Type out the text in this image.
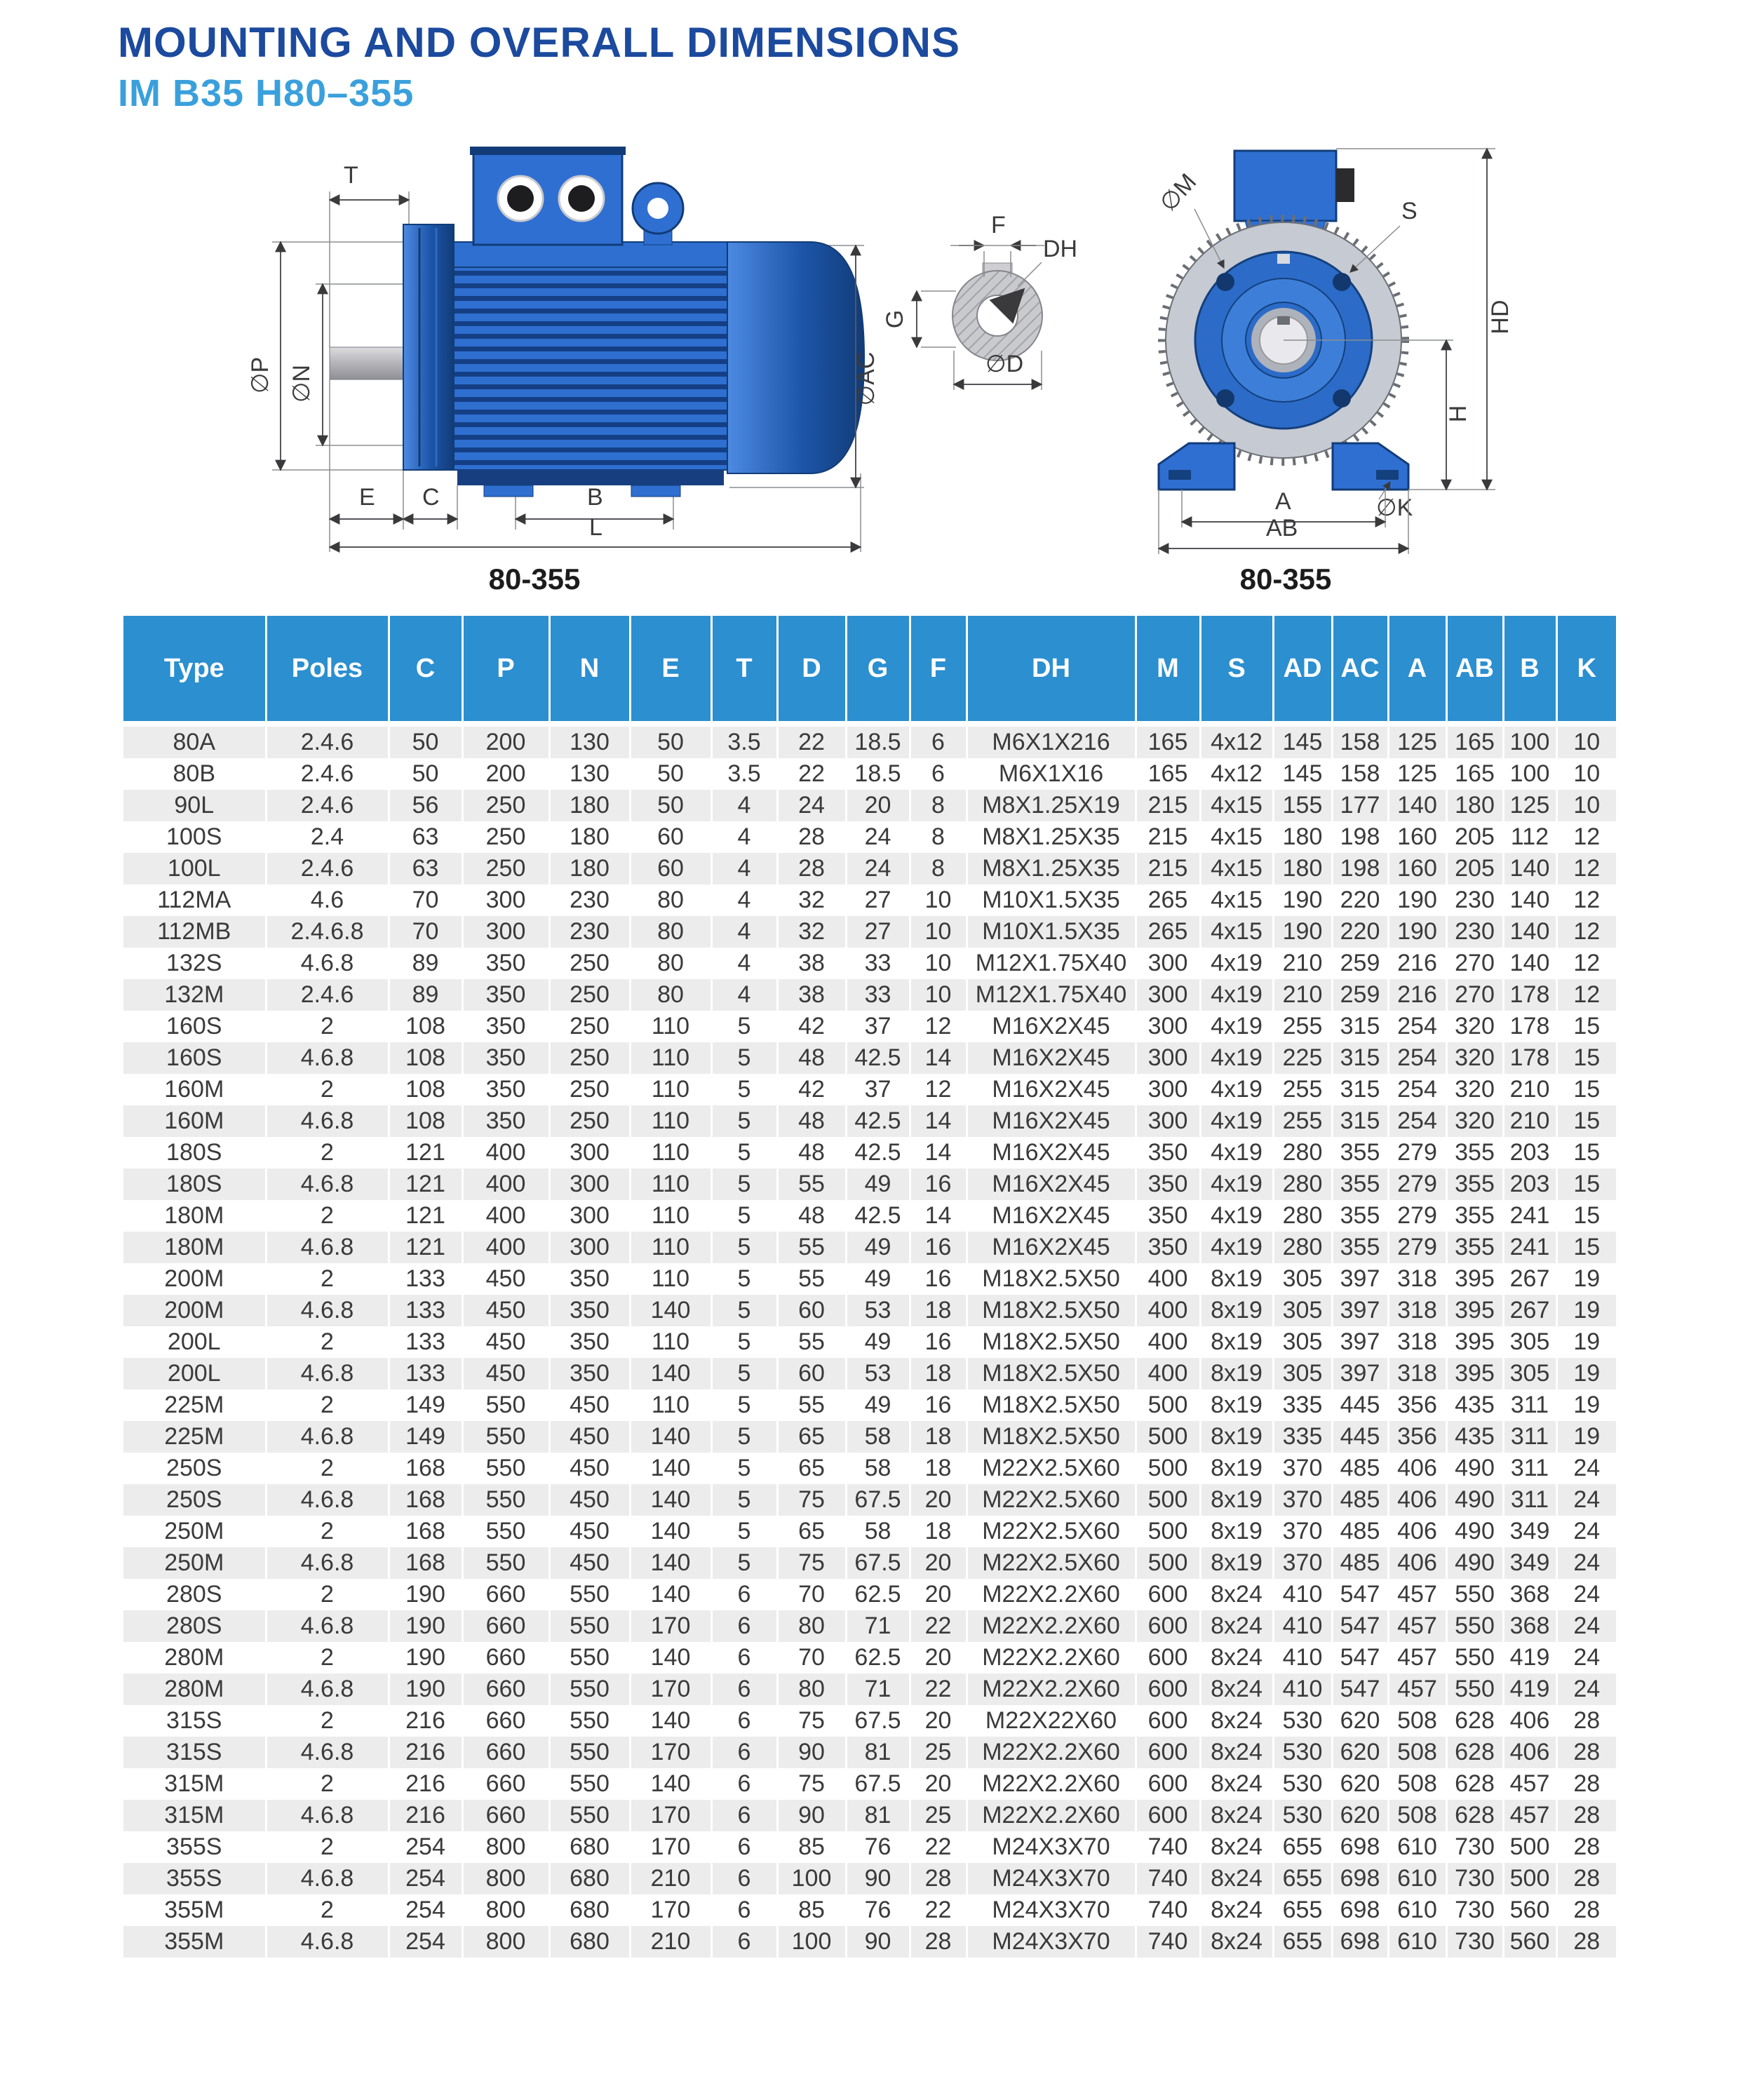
MOUNTING AND OVERALL DIMENSIONS
IM B35 H80–355
T
∅P ∅N	∅AC
E C	B
L
F
DH
G
∅D
∅M	S
HD
H
∅K
A
AB
80-355	80-355
Type	Poles	C	P	N	E	T	D	G	F	DH	M	S	AD	AC	A	AB	B	K
80A	2.4.6	50	200	130	50	3.5	22	18.5	6	M6X1X216	165	4x12	145	158	125	165	100	10
80B	2.4.6	50	200	130	50	3.5	22	18.5	6	M6X1X16	165	4x12	145	158	125	165	100	10
90L	2.4.6	56	250	180	50	4	24	20	8	M8X1.25X19	215	4x15	155	177	140	180	125	10
100S	2.4	63	250	180	60	4	28	24	8	M8X1.25X35	215	4x15	180	198	160	205	112	12
100L	2.4.6	63	250	180	60	4	28	24	8	M8X1.25X35	215	4x15	180	198	160	205	140	12
112MA	4.6	70	300	230	80	4	32	27	10	M10X1.5X35	265	4x15	190	220	190	230	140	12
112MB	2.4.6.8	70	300	230	80	4	32	27	10	M10X1.5X35	265	4x15	190	220	190	230	140	12
132S	4.6.8	89	350	250	80	4	38	33	10	M12X1.75X40	300	4x19	210	259	216	270	140	12
132M	2.4.6	89	350	250	80	4	38	33	10	M12X1.75X40	300	4x19	210	259	216	270	178	12
160S	2	108	350	250	110	5	42	37	12	M16X2X45	300	4x19	255	315	254	320	178	15
160S	4.6.8	108	350	250	110	5	48	42.5	14	M16X2X45	300	4x19	225	315	254	320	178	15
160M	2	108	350	250	110	5	42	37	12	M16X2X45	300	4x19	255	315	254	320	210	15
160M	4.6.8	108	350	250	110	5	48	42.5	14	M16X2X45	300	4x19	255	315	254	320	210	15
180S	2	121	400	300	110	5	48	42.5	14	M16X2X45	350	4x19	280	355	279	355	203	15
180S	4.6.8	121	400	300	110	5	55	49	16	M16X2X45	350	4x19	280	355	279	355	203	15
180M	2	121	400	300	110	5	48	42.5	14	M16X2X45	350	4x19	280	355	279	355	241	15
180M	4.6.8	121	400	300	110	5	55	49	16	M16X2X45	350	4x19	280	355	279	355	241	15
200M	2	133	450	350	110	5	55	49	16	M18X2.5X50	400	8x19	305	397	318	395	267	19
200M	4.6.8	133	450	350	140	5	60	53	18	M18X2.5X50	400	8x19	305	397	318	395	267	19
200L	2	133	450	350	110	5	55	49	16	M18X2.5X50	400	8x19	305	397	318	395	305	19
200L	4.6.8	133	450	350	140	5	60	53	18	M18X2.5X50	400	8x19	305	397	318	395	305	19
225M	2	149	550	450	110	5	55	49	16	M18X2.5X50	500	8x19	335	445	356	435	311	19
225M	4.6.8	149	550	450	140	5	65	58	18	M18X2.5X50	500	8x19	335	445	356	435	311	19
250S	2	168	550	450	140	5	65	58	18	M22X2.5X60	500	8x19	370	485	406	490	311	24
250S	4.6.8	168	550	450	140	5	75	67.5	20	M22X2.5X60	500	8x19	370	485	406	490	311	24
250M	2	168	550	450	140	5	65	58	18	M22X2.5X60	500	8x19	370	485	406	490	349	24
250M	4.6.8	168	550	450	140	5	75	67.5	20	M22X2.5X60	500	8x19	370	485	406	490	349	24
280S	2	190	660	550	140	6	70	62.5	20	M22X2.2X60	600	8x24	410	547	457	550	368	24
280S	4.6.8	190	660	550	170	6	80	71	22	M22X2.2X60	600	8x24	410	547	457	550	368	24
280M	2	190	660	550	140	6	70	62.5	20	M22X2.2X60	600	8x24	410	547	457	550	419	24
280M	4.6.8	190	660	550	170	6	80	71	22	M22X2.2X60	600	8x24	410	547	457	550	419	24
315S	2	216	660	550	140	6	75	67.5	20	M22X22X60	600	8x24	530	620	508	628	406	28
315S	4.6.8	216	660	550	170	6	90	81	25	M22X2.2X60	600	8x24	530	620	508	628	406	28
315M	2	216	660	550	140	6	75	67.5	20	M22X2.2X60	600	8x24	530	620	508	628	457	28
315M	4.6.8	216	660	550	170	6	90	81	25	M22X2.2X60	600	8x24	530	620	508	628	457	28
355S	2	254	800	680	170	6	85	76	22	M24X3X70	740	8x24	655	698	610	730	500	28
355S	4.6.8	254	800	680	210	6	100	90	28	M24X3X70	740	8x24	655	698	610	730	500	28
355M	2	254	800	680	170	6	85	76	22	M24X3X70	740	8x24	655	698	610	730	560	28
355M	4.6.8	254	800	680	210	6	100	90	28	M24X3X70	740	8x24	655	698	610	730	560	28
